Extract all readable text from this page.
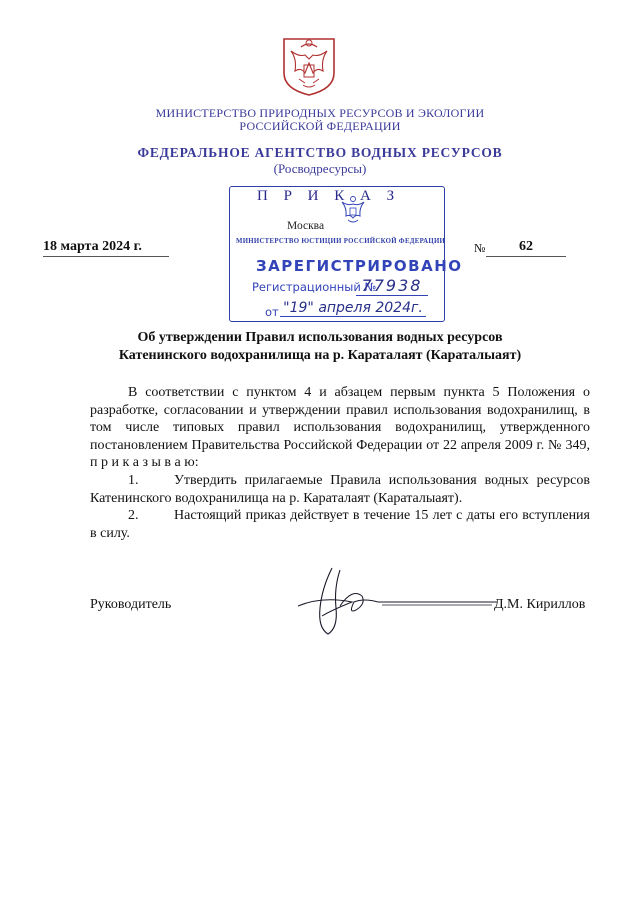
МИНИСТЕРСТВО ПРИРОДНЫХ РЕСУРСОВ И ЭКОЛОГИИ
РОССИЙСКОЙ ФЕДЕРАЦИИ
ФЕДЕРАЛЬНОЕ АГЕНТСТВО ВОДНЫХ РЕСУРСОВ
(Росводресурсы)
П Р И К А З
Москва
МИНИСТЕРСТВО ЮСТИЦИИ РОССИЙСКОЙ ФЕДЕРАЦИИ
ЗАРЕГИСТРИРОВАНО
Регистрационный №
77938
от "19" апреля 2024г.
18 марта 2024 г.	№	62
Об утверждении Правил использования водных ресурсов
Катенинского водохранилища на р. Караталаят (Караталыаят)

В соответствии с пунктом 4 и абзацем первым пункта 5 Положения о разработке, согласовании и утверждении правил использования водохранилищ, в том числе типовых правил использования водохранилищ, утвержденного постановлением Правительства Российской Федерации от 22 апреля 2009 г. № 349, п р и к а з ы в а ю:

1.	Утвердить прилагаемые Правила использования водных ресурсов Катенинского водохранилища на р. Караталаят (Караталыаят).

2.	Настоящий приказ действует в течение 15 лет с даты его вступления в силу.

Руководитель	Д.М. Кириллов
